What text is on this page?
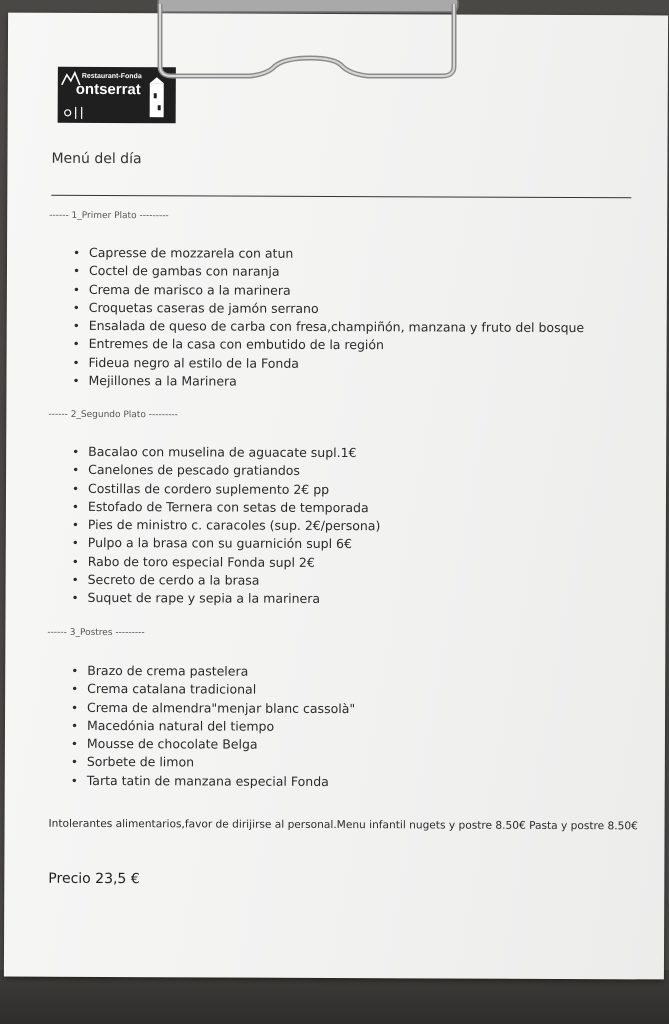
Restaurant-Fonda
ontserrat
Menú del día
------ 1_Primer Plato ---------
• Capresse de mozzarela con atun
• Coctel de gambas con naranja
• Crema de marisco a la marinera
• Croquetas caseras de jamón serrano
• Ensalada de queso de carba con fresa,champiñón, manzana y fruto del bosque
• Entremes de la casa con embutido de la región
• Fideua negro al estilo de la Fonda
• Mejillones a la Marinera
------ 2_Segundo Plato ---------
• Bacalao con muselina de aguacate supl.1€
• Canelones de pescado gratiandos
• Costillas de cordero suplemento 2€ pp
• Estofado de Ternera con setas de temporada
• Pies de ministro c. caracoles (sup. 2€/persona)
• Pulpo a la brasa con su guarnición supl 6€
• Rabo de toro especial Fonda supl 2€
• Secreto de cerdo a la brasa
• Suquet de rape y sepia a la marinera
------ 3_Postres ---------
• Brazo de crema pastelera
• Crema catalana tradicional
• Crema de almendra"menjar blanc cassolà"
• Macedónia natural del tiempo
• Mousse de chocolate Belga
• Sorbete de limon
• Tarta tatin de manzana especial Fonda
Intolerantes alimentarios,favor de dirijirse al personal.Menu infantil nugets y postre 8.50€ Pasta y postre 8.50€
Precio 23,5 €
